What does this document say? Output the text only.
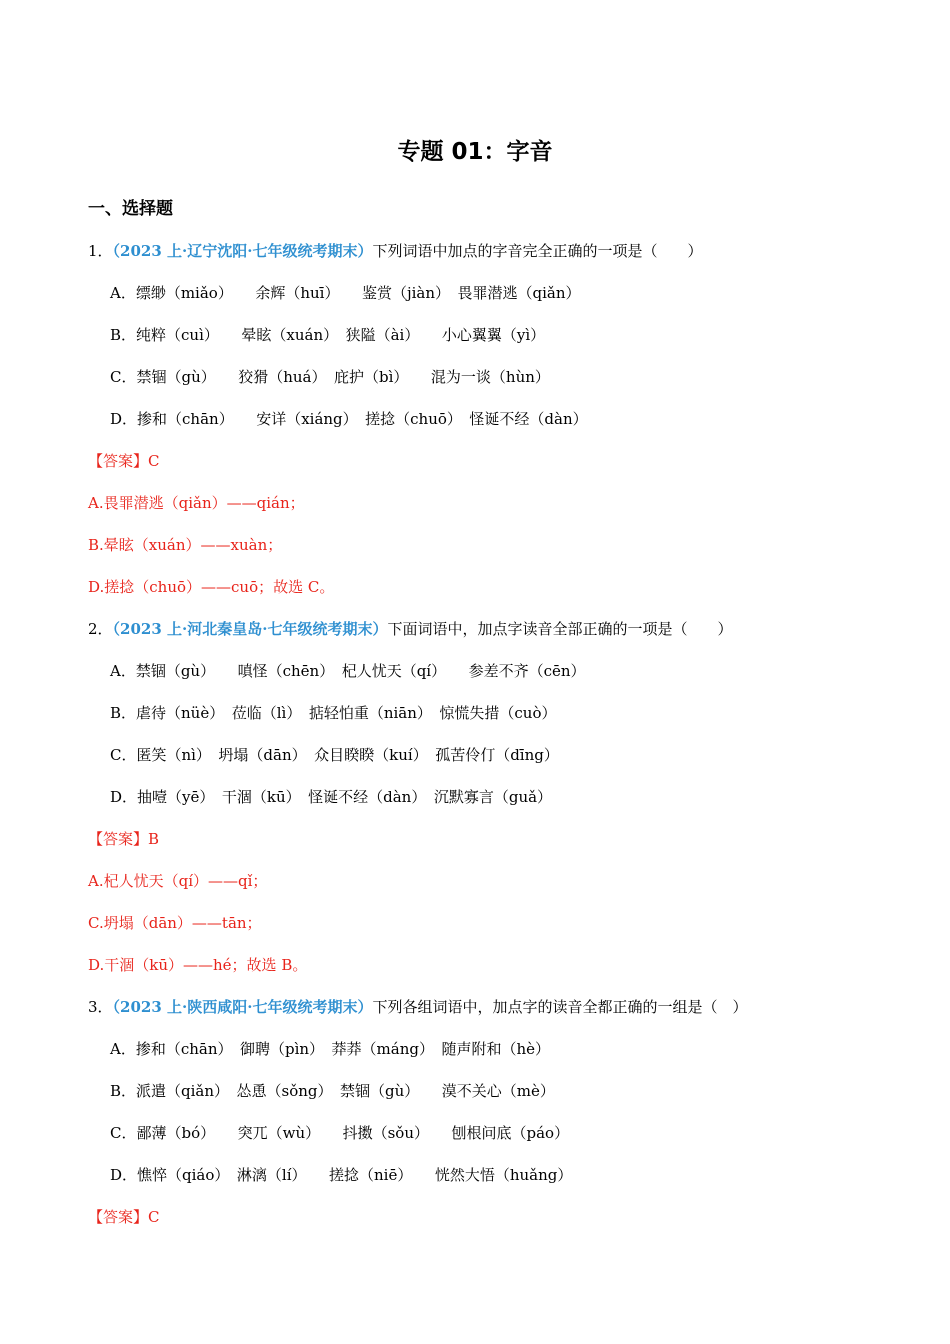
专题 01：字音
一、选择题
1．（2023 上·辽宁沈阳·七年级统考期末）下列词语中加点的字音完全正确的一项是（　　）
A．缥缈（miǎo）　　余辉（huī）　　鉴赏（jiàn）　畏罪潜逃（qiǎn）
B．纯粹（cuì）　　晕眩（xuán）　狭隘（ài）　　小心翼翼（yì）
C．禁锢（gù）　　狡猾（huá）　庇护（bì）　　混为一谈（hùn）
D．掺和（chān）　　安详（xiáng）　搓捻（chuō）　怪诞不经（dàn）
【答案】C
A.畏罪潜逃（qiǎn）——qián；
B.晕眩（xuán）——xuàn；
D.搓捻（chuō）——cuō；故选 C。
2．（2023 上·河北秦皇岛·七年级统考期末）下面词语中，加点字读音全部正确的一项是（　　）
A．禁锢（gù）　　嗔怪（chēn）　杞人忧天（qí）　　参差不齐（cēn）
B．虐待（nüè）　莅临（lì）　掂轻怕重（niān）　惊慌失措（cuò）
C．匿笑（nì）　坍塌（dān）　众目睽睽（kuí）　孤苦伶仃（dīng）
D．抽噎（yē）　干涸（kū）　怪诞不经（dàn）　沉默寡言（guǎ）
【答案】B
A.杞人忧天（qí）——qǐ；
C.坍塌（dān）——tān；
D.干涸（kū）——hé；故选 B。
3．（2023 上·陕西咸阳·七年级统考期末）下列各组词语中，加点字的读音全都正确的一组是（　）
A．掺和（chān）　御聘（pìn）　莽莽（máng）　随声附和（hè）
B．派遣（qiǎn）　怂恿（sǒng）　禁锢（gù）　　漠不关心（mè）
C．鄙薄（bó）　　突兀（wù）　　抖擞（sǒu）　　刨根问底（páo）
D．憔悴（qiáo）　淋漓（lí）　　搓捻（niē）　　恍然大悟（huǎng）
【答案】C
